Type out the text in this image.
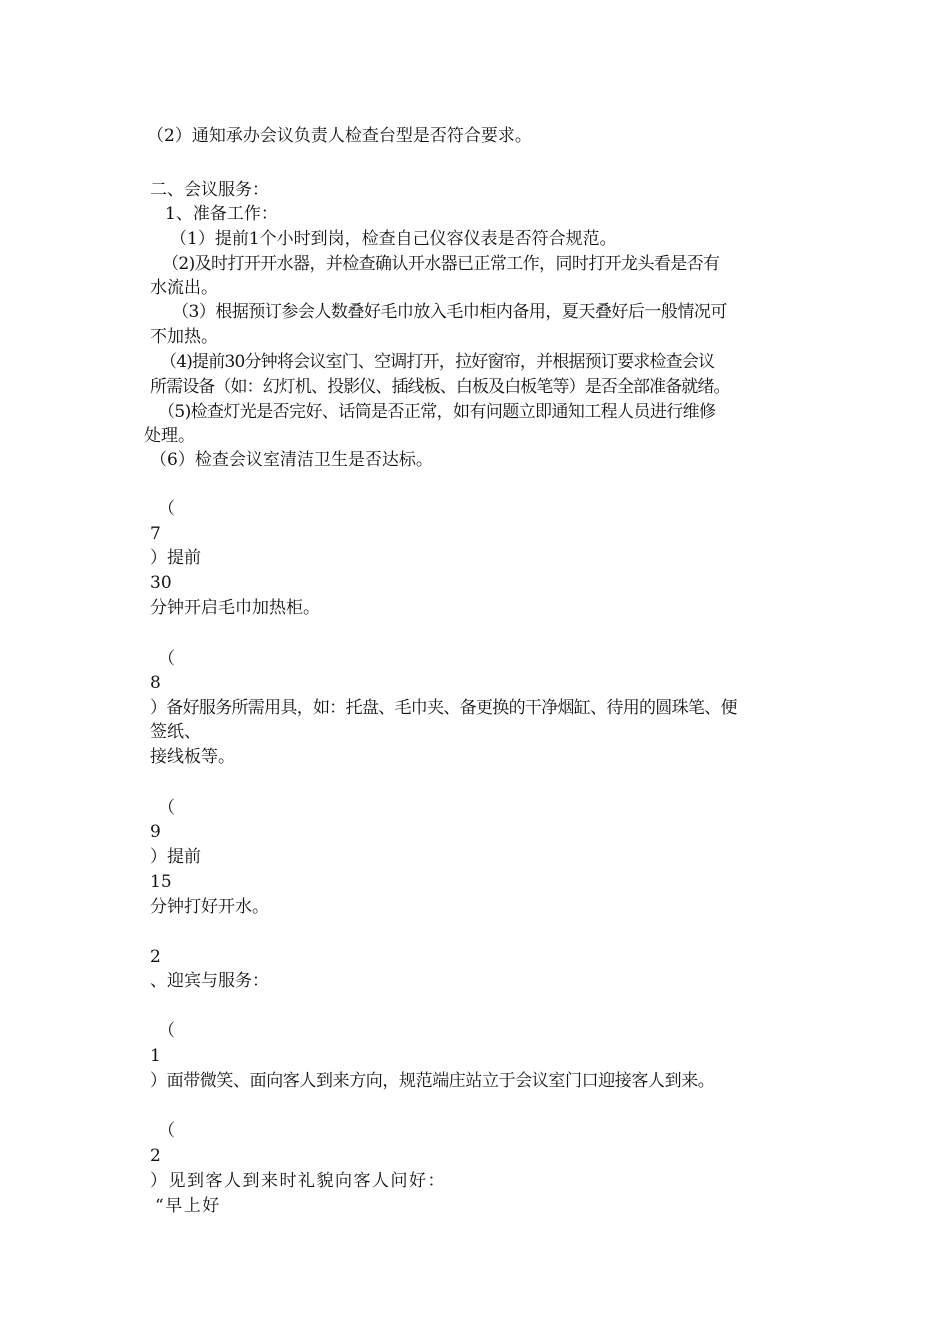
（2）通知承办会议负责人检查台型是否符合要求。
二、会议服务：
1、准备工作：
（1）提前1个小时到岗，检查自己仪容仪表是否符合规范。
（2)及时打开开水器，并检查确认开水器已正常工作，同时打开龙头看是否有
水流出。
（3）根据预订参会人数叠好毛巾放入毛巾柜内备用，夏天叠好后一般情况可
不加热。
（4)提前30分钟将会议室门、空调打开，拉好窗帘，并根据预订要求检查会议
所需设备（如：幻灯机、投影仪、插线板、白板及白板笔等）是否全部准备就绪。
（5)检查灯光是否完好、话筒是否正常，如有问题立即通知工程人员进行维修
处理。
（6）检查会议室清洁卫生是否达标。
（
7
）提前
30
分钟开启毛巾加热柜。
（
8
）备好服务所需用具，如：托盘、毛巾夹、备更换的干净烟缸、待用的圆珠笔、便
签纸、
接线板等。
（
9
）提前
15
分钟打好开水。
2
、迎宾与服务：
（
1
）面带微笑、面向客人到来方向，规范端庄站立于会议室门口迎接客人到来。
（
2
）见到客人到来时礼貌向客人问好：
“早上好
